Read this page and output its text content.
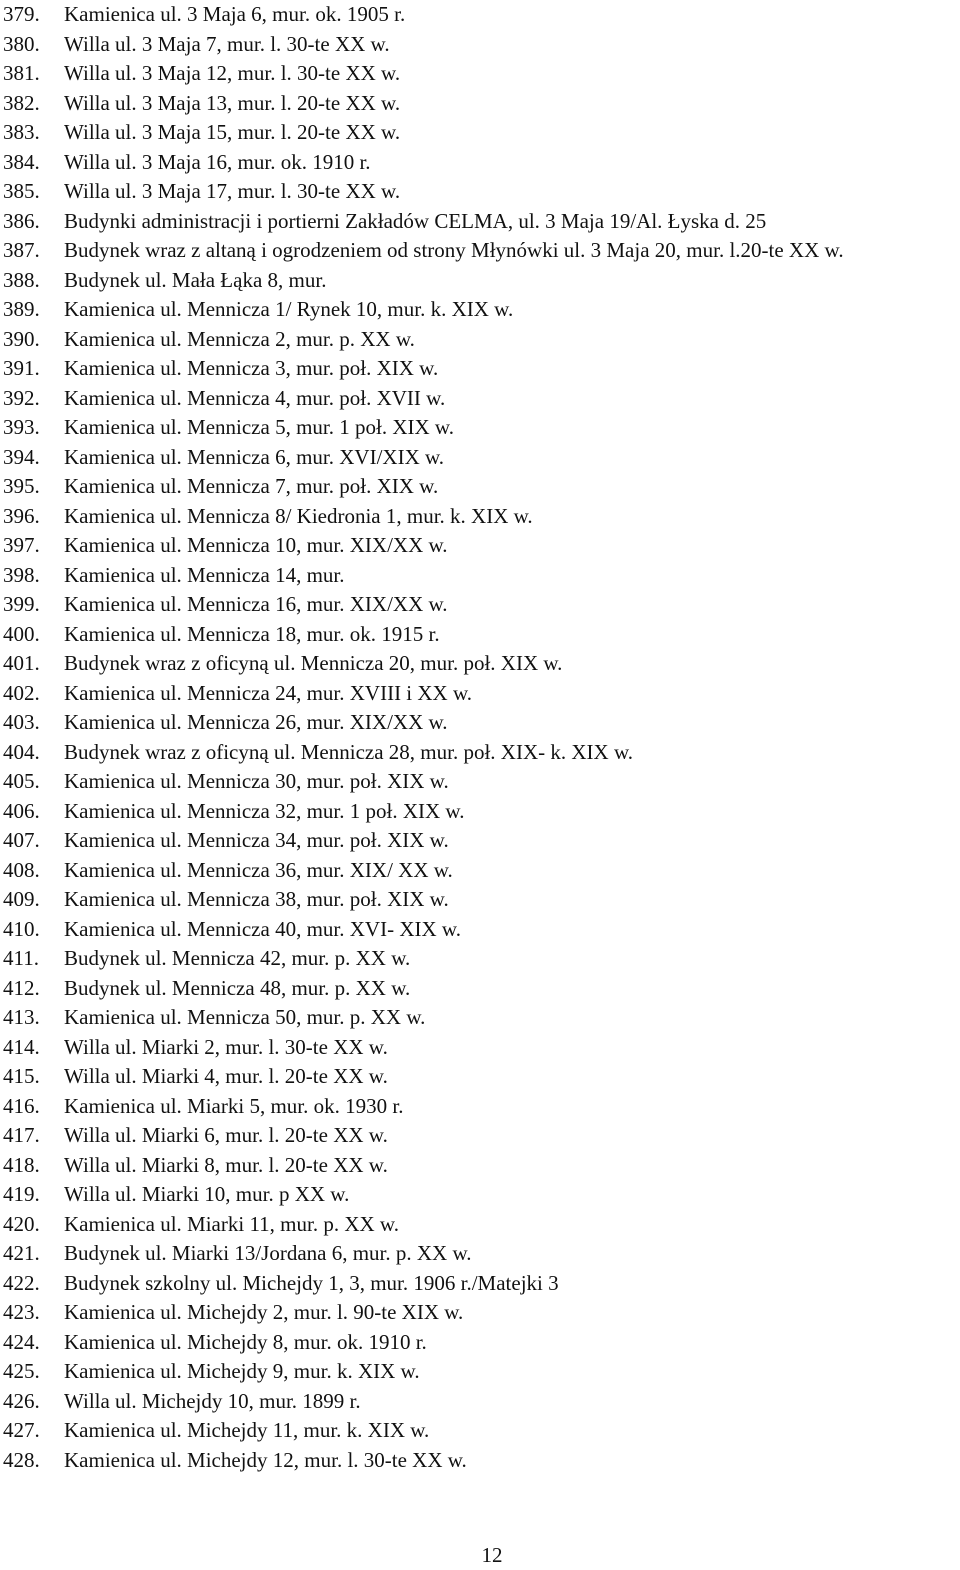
379.	Kamienica ul. 3 Maja 6, mur. ok. 1905 r.
380.	Willa ul. 3 Maja 7, mur. l. 30-te XX w.
381.	Willa ul. 3 Maja 12, mur. l. 30-te XX w.
382.	Willa ul. 3 Maja 13, mur. l. 20-te XX w.
383.	Willa ul. 3 Maja 15, mur. l. 20-te XX w.
384.	Willa ul. 3 Maja 16, mur. ok. 1910 r.
385.	Willa ul. 3 Maja 17, mur. l. 30-te XX w.
386.	Budynki administracji i portierni Zakładów CELMA, ul. 3 Maja 19/Al. Łyska d. 25
387.	Budynek wraz z altaną i ogrodzeniem od strony Młynówki ul. 3 Maja 20, mur. l.20-te XX w.
388.	Budynek ul. Mała Łąka 8, mur.
389.	Kamienica ul. Mennicza 1/ Rynek 10, mur. k. XIX w.
390.	Kamienica ul. Mennicza 2, mur. p. XX w.
391.	Kamienica ul. Mennicza 3, mur. poł. XIX w.
392.	Kamienica ul. Mennicza 4, mur. poł. XVII w.
393.	Kamienica ul. Mennicza 5, mur. 1 poł. XIX w.
394.	Kamienica ul. Mennicza 6, mur. XVI/XIX w.
395.	Kamienica ul. Mennicza 7, mur. poł. XIX w.
396.	Kamienica ul. Mennicza 8/ Kiedronia 1, mur. k. XIX w.
397.	Kamienica ul. Mennicza 10, mur. XIX/XX w.
398.	Kamienica ul. Mennicza 14, mur.
399.	Kamienica ul. Mennicza 16, mur. XIX/XX w.
400.	Kamienica ul. Mennicza 18, mur. ok. 1915 r.
401.	Budynek wraz z oficyną ul. Mennicza 20, mur. poł. XIX w.
402.	Kamienica ul. Mennicza 24, mur. XVIII i XX w.
403.	Kamienica ul. Mennicza 26, mur. XIX/XX w.
404.	Budynek wraz z oficyną ul. Mennicza 28, mur. poł. XIX- k. XIX w.
405.	Kamienica ul. Mennicza 30, mur. poł. XIX w.
406.	Kamienica ul. Mennicza 32, mur. 1 poł. XIX w.
407.	Kamienica ul. Mennicza 34, mur. poł. XIX w.
408.	Kamienica ul. Mennicza 36, mur. XIX/ XX w.
409.	Kamienica ul. Mennicza 38, mur. poł. XIX w.
410.	Kamienica ul. Mennicza 40, mur. XVI- XIX w.
411.	Budynek ul. Mennicza 42, mur. p. XX w.
412.	Budynek ul. Mennicza 48, mur. p. XX w.
413.	Kamienica ul. Mennicza 50, mur. p. XX w.
414.	Willa ul. Miarki 2, mur. l. 30-te XX w.
415.	Willa ul. Miarki 4, mur. l. 20-te XX w.
416.	Kamienica ul. Miarki 5, mur. ok. 1930 r.
417.	Willa ul. Miarki 6, mur. l. 20-te XX w.
418.	Willa ul. Miarki 8, mur. l. 20-te XX w.
419.	Willa ul. Miarki 10, mur. p XX w.
420.	Kamienica ul. Miarki 11, mur. p. XX w.
421.	Budynek ul. Miarki 13/Jordana 6, mur. p. XX w.
422.	Budynek szkolny ul. Michejdy 1, 3, mur. 1906 r./Matejki 3
423.	Kamienica ul. Michejdy 2, mur. l. 90-te XIX w.
424.	Kamienica ul. Michejdy 8, mur. ok. 1910 r.
425.	Kamienica ul. Michejdy 9, mur. k. XIX w.
426.	Willa ul. Michejdy 10, mur. 1899 r.
427.	Kamienica ul. Michejdy 11, mur. k. XIX w.
428.	Kamienica ul. Michejdy 12, mur. l. 30-te XX w.
12
